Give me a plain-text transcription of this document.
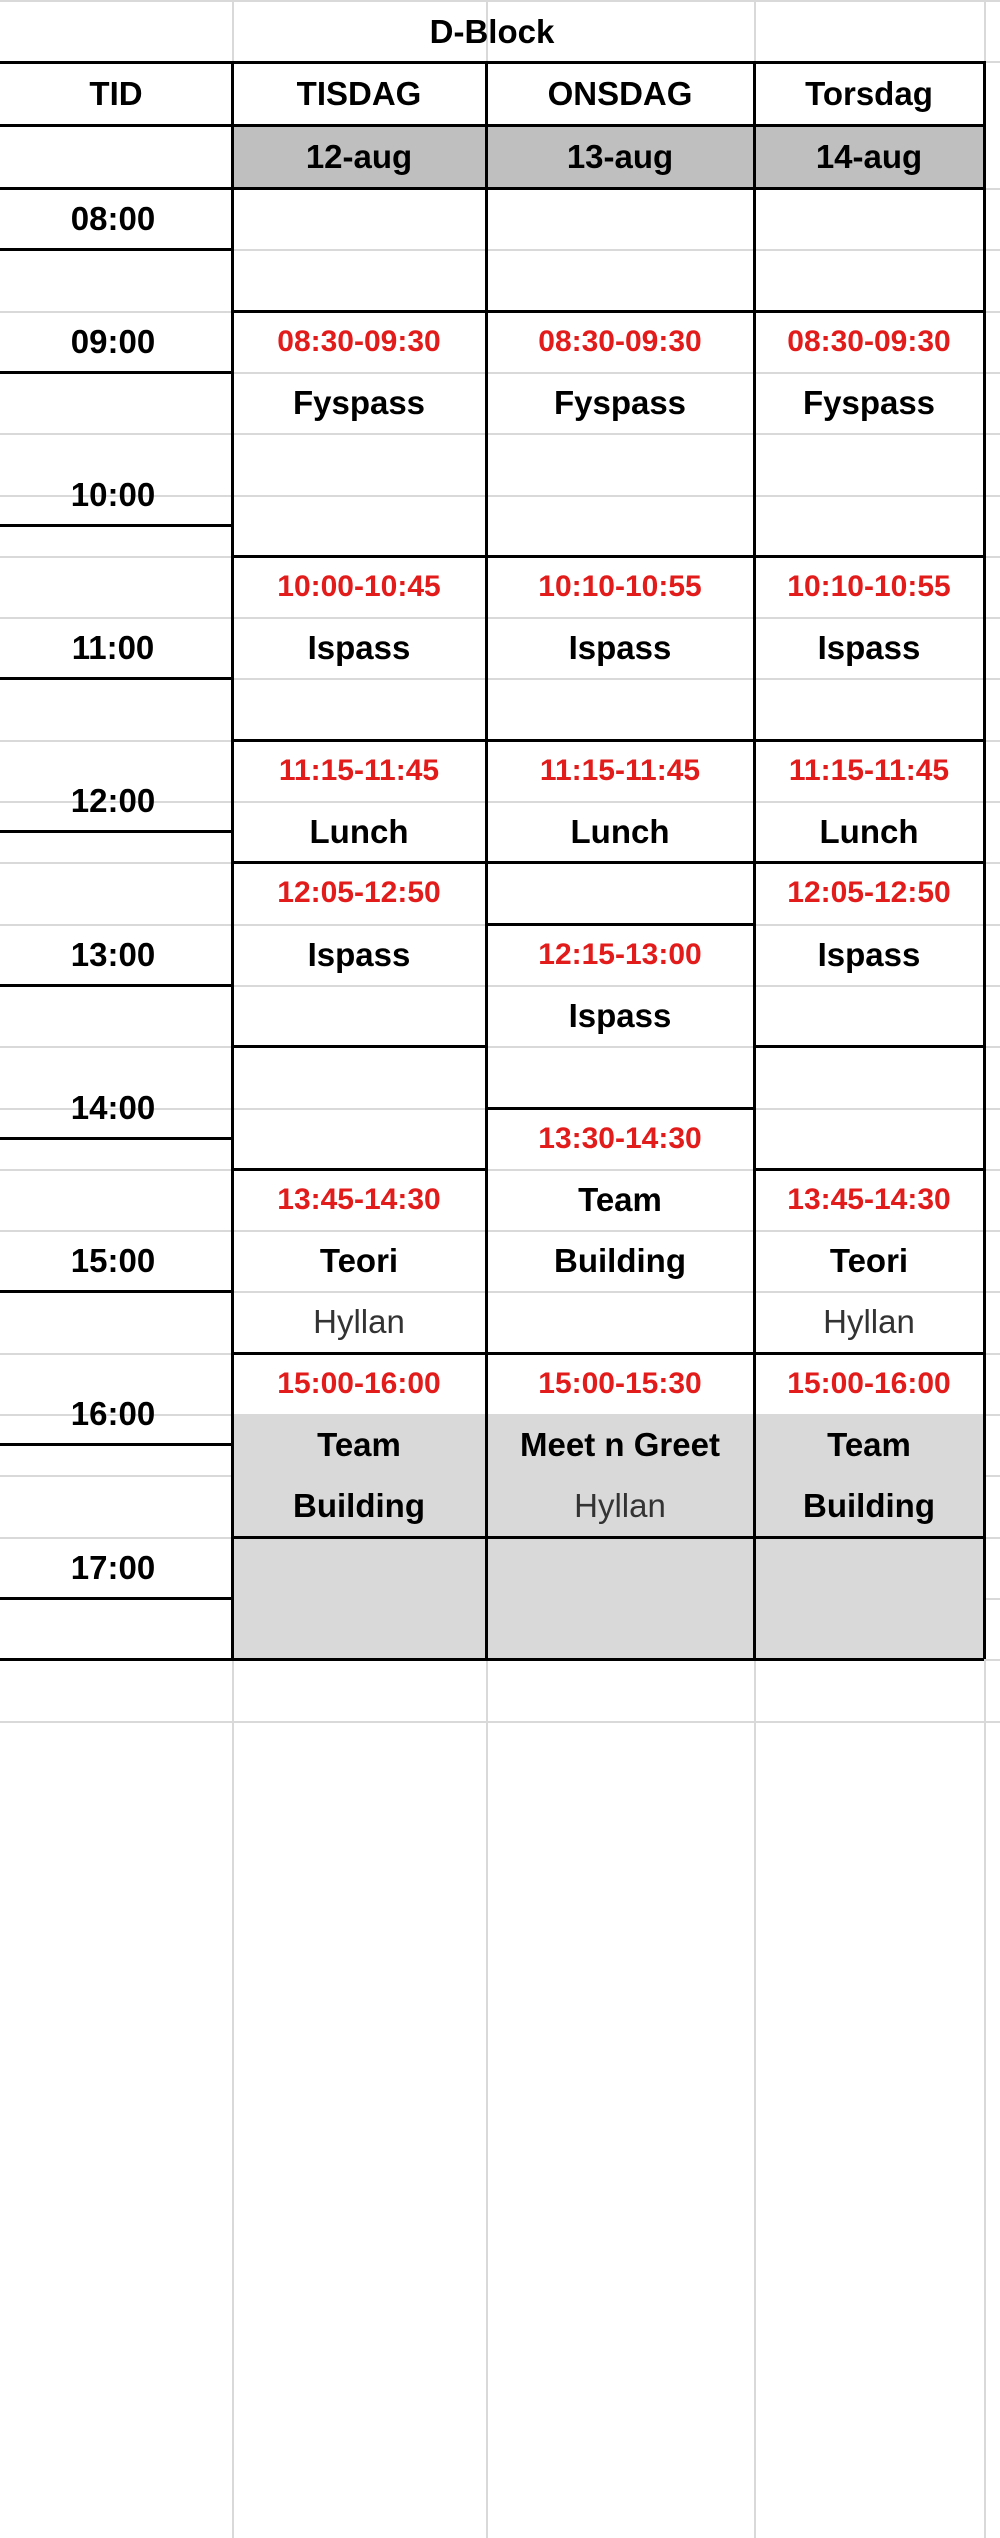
D-Block
TID	TISDAG
12-aug
ONSDAG
13-aug
Torsdag
14-aug
08:00
09:00
10:00
11:00
12:00
13:00
14:00
15:00
16:00
17:00
08:30-09:30
Fyspass
10:00-10:45
Ispass
11:15-11:45
Lunch
12:05-12:50
Ispass
13:45-14:30
Teori
Hyllan
15:00-16:00
Team
Building
08:30-09:30
Fyspass
10:10-10:55
Ispass
11:15-11:45
Lunch
12:15-13:00
Ispass
13:30-14:30
Team
Building
15:00-15:30
Meet n Greet
Hyllan
08:30-09:30
Fyspass
10:10-10:55
Ispass
11:15-11:45
Lunch
12:05-12:50
Ispass
13:45-14:30
Teori
Hyllan
15:00-16:00
Team
Building
